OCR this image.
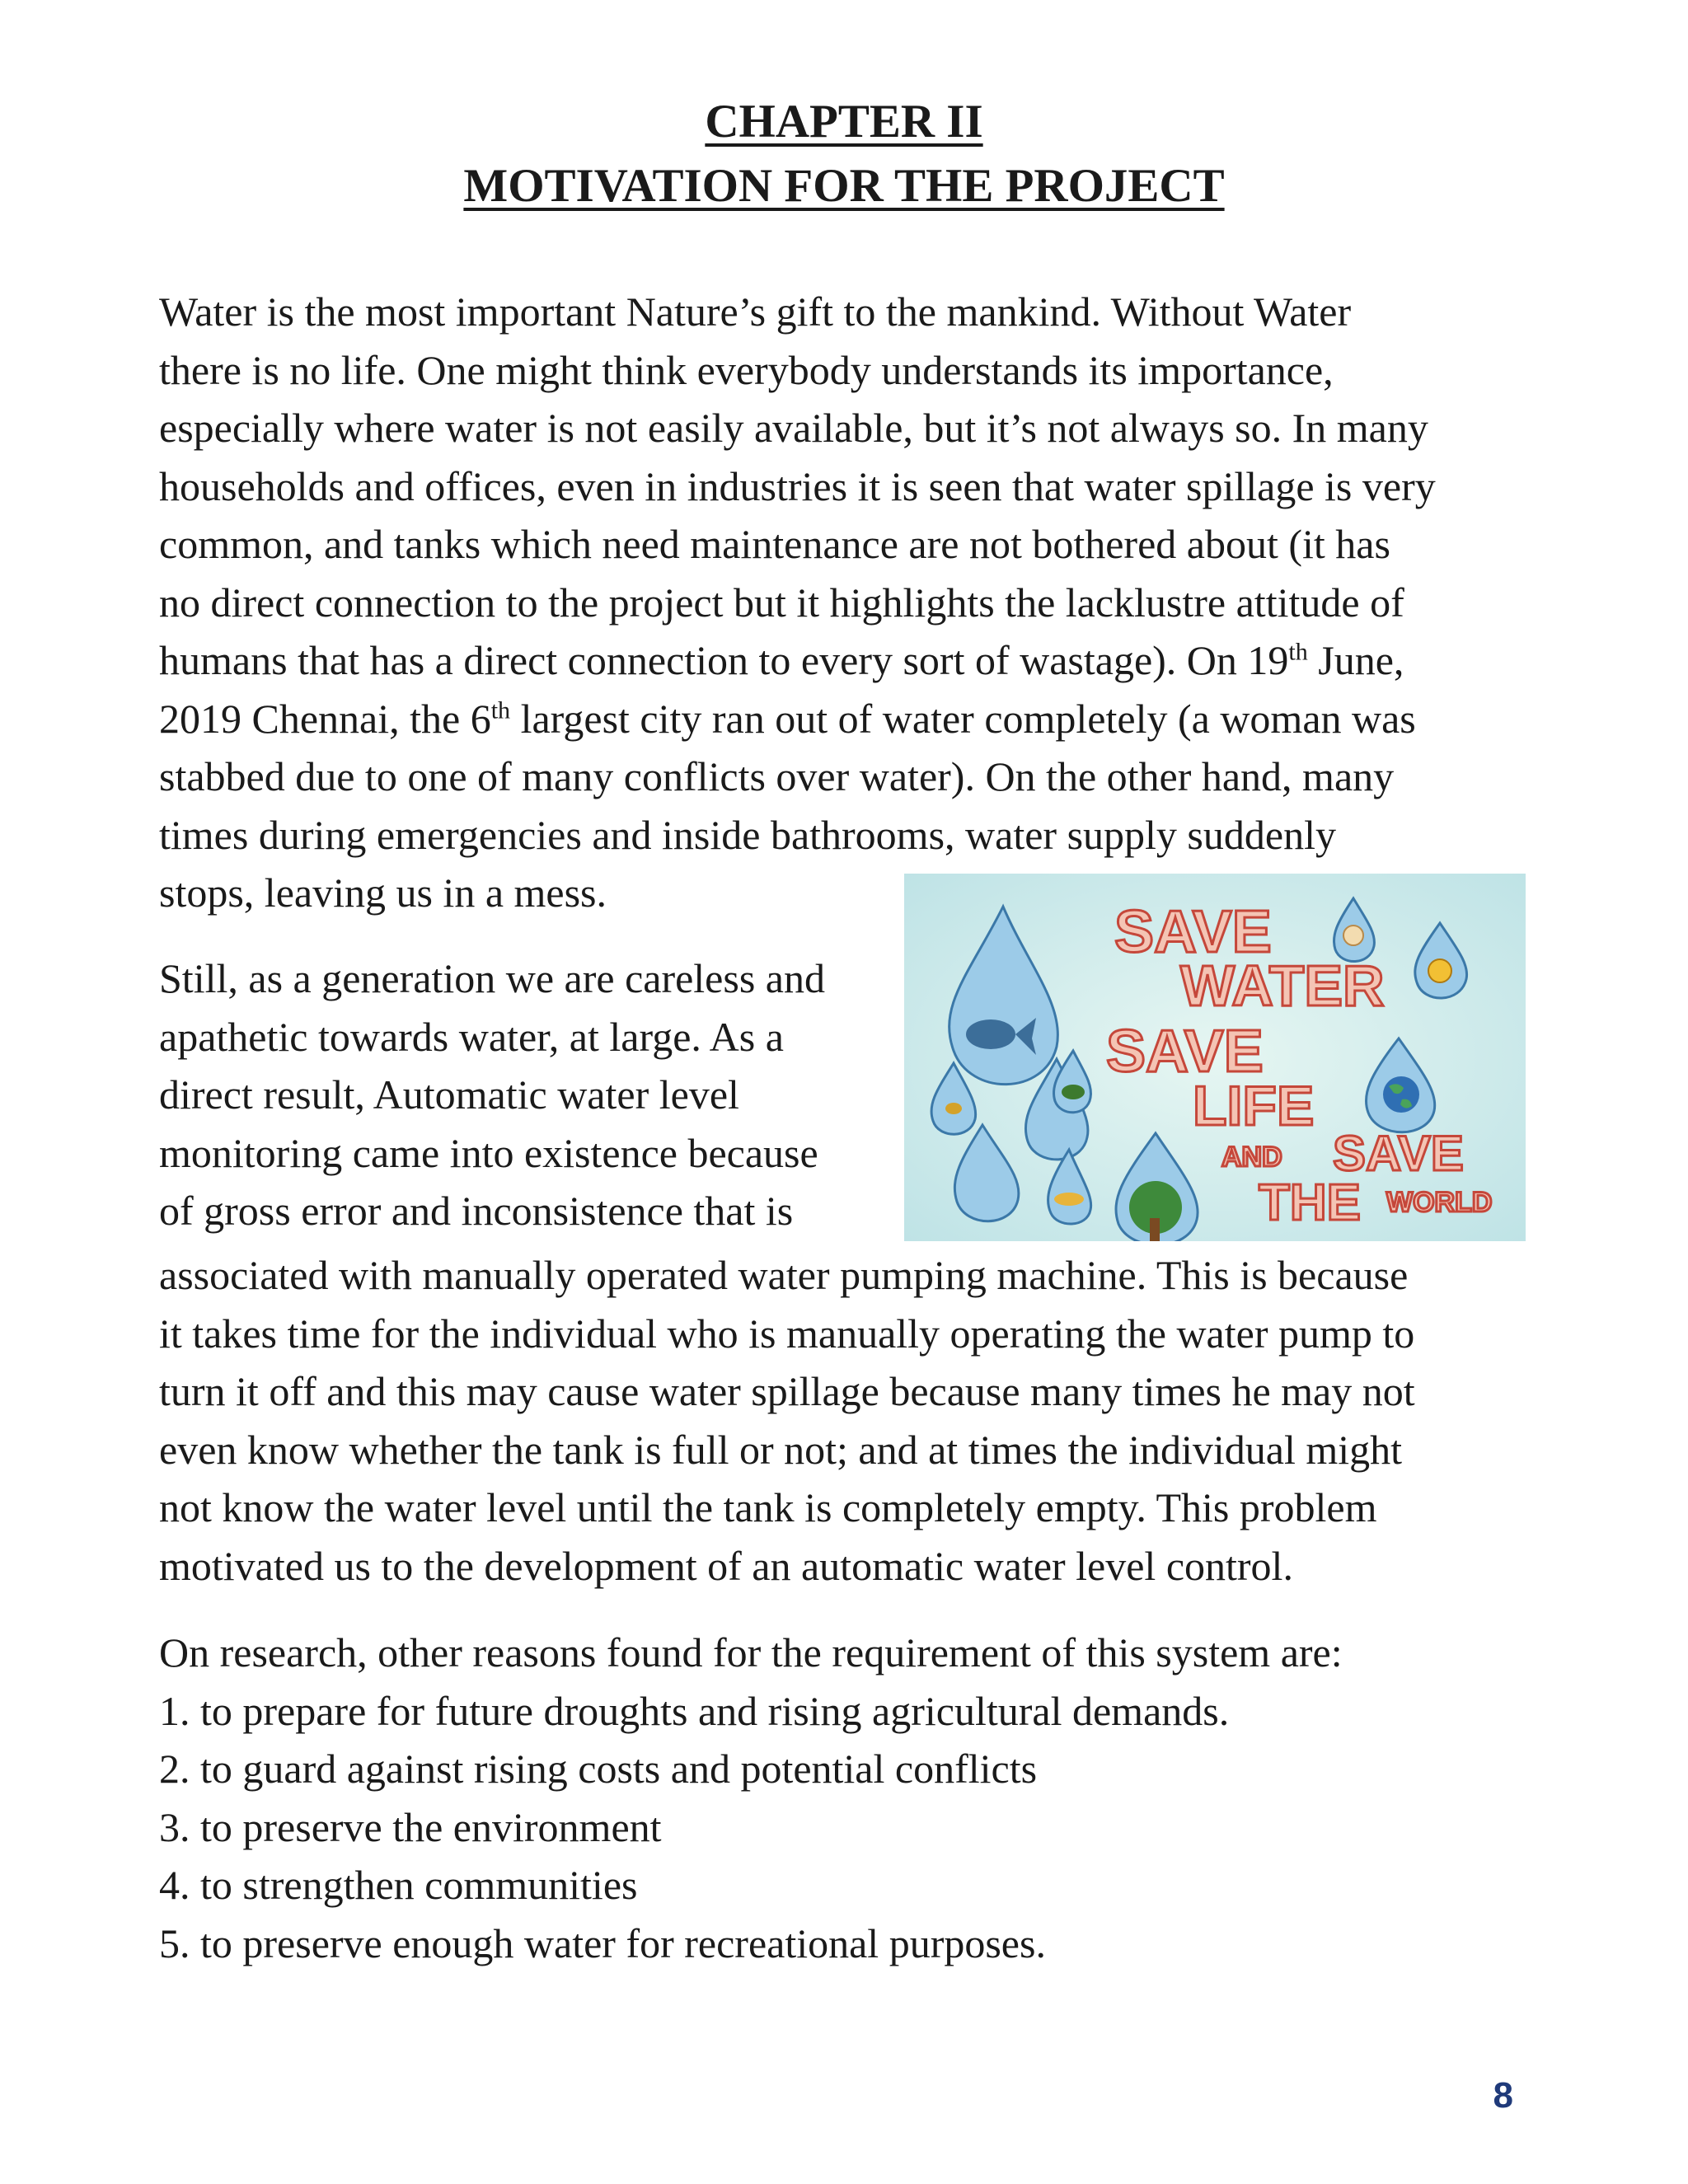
CHAPTER II
MOTIVATION FOR THE PROJECT

Water is the most important Nature’s gift to the mankind. Without Water
there is no life. One might think everybody understands its importance,
especially where water is not easily available, but it’s not always so. In many
households and offices, even in industries it is seen that water spillage is very
common, and tanks which need maintenance are not bothered about (it has
no direct connection to the project but it highlights the lacklustre attitude of
humans that has a direct connection to every sort of wastage). On 19th June,
2019 Chennai, the 6th largest city ran out of water completely (a woman was
stabbed due to one of many conflicts over water). On the other hand, many
times during emergencies and inside bathrooms, water supply suddenly
stops, leaving us in a mess.

SAVE
WATER
SAVE
LIFE
AND SAVE
THE WORLD

Still, as a generation we are careless and
apathetic towards water, at large. As a
direct result, Automatic water level
monitoring came into existence because
of gross error and inconsistence that is

associated with manually operated water pumping machine. This is because
it takes time for the individual who is manually operating the water pump to
turn it off and this may cause water spillage because many times he may not
even know whether the tank is full or not; and at times the individual might
not know the water level until the tank is completely empty. This problem
motivated us to the development of an automatic water level control.

On research, other reasons found for the requirement of this system are:
1. to prepare for future droughts and rising agricultural demands.
2. to guard against rising costs and potential conflicts
3. to preserve the environment
4. to strengthen communities
5. to preserve enough water for recreational purposes.

8
